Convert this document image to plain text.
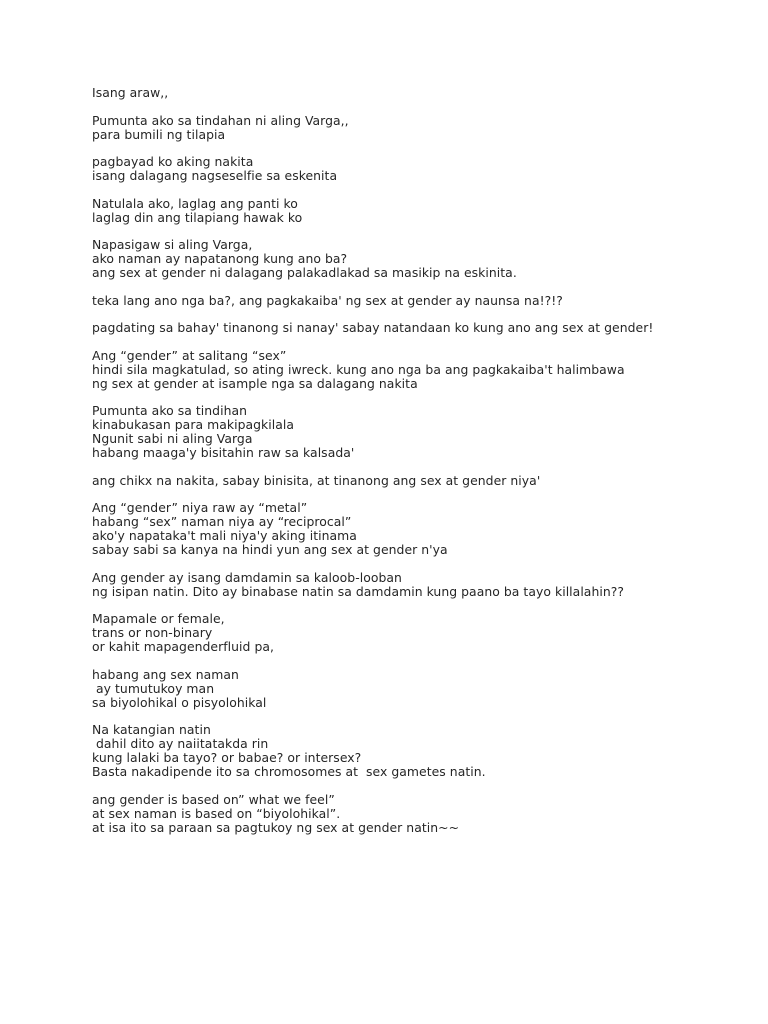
Isang araw,,
Pumunta ako sa tindahan ni aling Varga,,
para bumili ng tilapia
pagbayad ko aking nakita
isang dalagang nagseselfie sa eskenita
Natulala ako, laglag ang panti ko
laglag din ang tilapiang hawak ko
Napasigaw si aling Varga,
ako naman ay napatanong kung ano ba?
ang sex at gender ni dalagang palakadlakad sa masikip na eskinita.
teka lang ano nga ba?, ang pagkakaiba' ng sex at gender ay naunsa na!?!?
pagdating sa bahay' tinanong si nanay' sabay natandaan ko kung ano ang sex at gender!
Ang “gender” at salitang “sex”
hindi sila magkatulad, so ating iwreck. kung ano nga ba ang pagkakaiba't halimbawa
ng sex at gender at isample nga sa dalagang nakita
Pumunta ako sa tindihan
kinabukasan para makipagkilala
Ngunit sabi ni aling Varga
habang maaga'y bisitahin raw sa kalsada'
ang chikx na nakita, sabay binisita, at tinanong ang sex at gender niya'
Ang “gender” niya raw ay “metal”
habang “sex” naman niya ay “reciprocal”
ako'y napataka't mali niya'y aking itinama
sabay sabi sa kanya na hindi yun ang sex at gender n'ya
Ang gender ay isang damdamin sa kaloob-looban
ng isipan natin. Dito ay binabase natin sa damdamin kung paano ba tayo killalahin??
Mapamale or female,
trans or non-binary
or kahit mapagenderfluid pa,
habang ang sex naman
ay tumutukoy man
sa biyolohikal o pisyolohikal
Na katangian natin
dahil dito ay naiitatakda rin
kung lalaki ba tayo? or babae? or intersex?
Basta nakadipende ito sa chromosomes at  sex gametes natin.
ang gender is based on” what we feel”
at sex naman is based on “biyolohikal”.
at isa ito sa paraan sa pagtukoy ng sex at gender natin~~
